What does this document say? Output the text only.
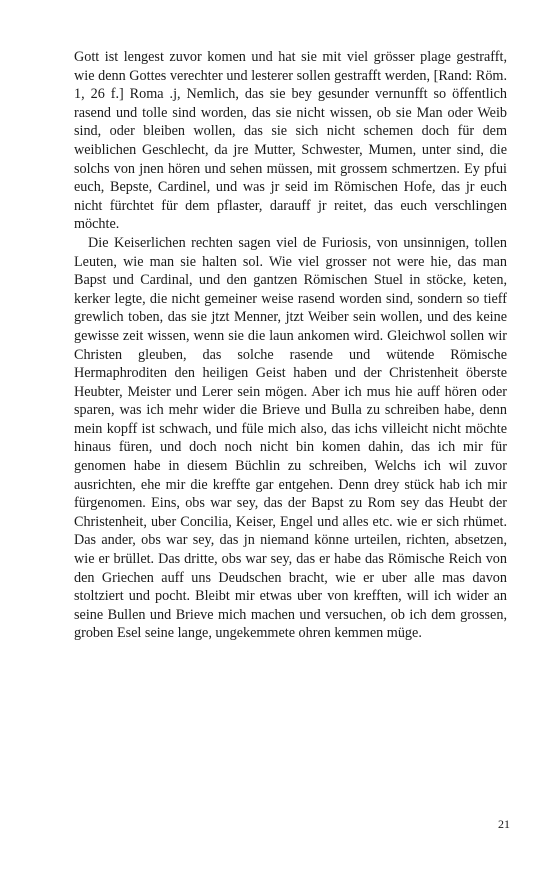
Gott ist lengest zuvor komen und hat sie mit viel grösser plage gestrafft, wie denn Gottes verechter und lesterer sollen gestrafft werden, [Rand: Röm. 1, 26 f.] Roma .j, Nemlich, das sie bey gesunder vernunfft so öffentlich rasend und tolle sind worden, das sie nicht wissen, ob sie Man oder Weib sind, oder bleiben wollen, das sie sich nicht schemen doch für dem weiblichen Geschlecht, da jre Mutter, Schwester, Mumen, unter sind, die solchs von jnen hören und sehen müssen, mit grossem schmertzen. Ey pfui euch, Bepste, Cardinel, und was jr seid im Römischen Hofe, das jr euch nicht fürchtet für dem pflaster, darauff jr reitet, das euch verschlingen möchte.

Die Keiserlichen rechten sagen viel de Furiosis, von unsinnigen, tollen Leuten, wie man sie halten sol. Wie viel grosser not were hie, das man Bapst und Cardinal, und den gantzen Römischen Stuel in stöcke, keten, kerker legte, die nicht gemeiner weise rasend worden sind, sondern so tieff grewlich toben, das sie jtzt Menner, jtzt Weiber sein wollen, und des keine gewisse zeit wissen, wenn sie die laun ankomen wird. Gleichwol sollen wir Christen gleuben, das solche rasende und wütende Römische Hermaphroditen den heiligen Geist haben und der Christenheit öberste Heubter, Meister und Lerer sein mögen. Aber ich mus hie auff hören oder sparen, was ich mehr wider die Brieve und Bulla zu schreiben habe, denn mein kopff ist schwach, und füle mich also, das ichs villeicht nicht möchte hinaus füren, und doch noch nicht bin komen dahin, das ich mir für genomen habe in diesem Büchlin zu schreiben, Welchs ich wil zuvor ausrichten, ehe mir die kreffte gar entgehen. Denn drey stück hab ich mir fürgenomen. Eins, obs war sey, das der Bapst zu Rom sey das Heubt der Christenheit, uber Concilia, Keiser, Engel und alles etc. wie er sich rhümet. Das ander, obs war sey, das jn niemand könne urteilen, richten, absetzen, wie er brüllet. Das dritte, obs war sey, das er habe das Römische Reich von den Griechen auff uns Deudschen bracht, wie er uber alle mas davon stoltziert und pocht. Bleibt mir etwas uber von krefften, will ich wider an seine Bullen und Brieve mich machen und versuchen, ob ich dem grossen, groben Esel seine lange, ungekemmete ohren kemmen müge.

21
